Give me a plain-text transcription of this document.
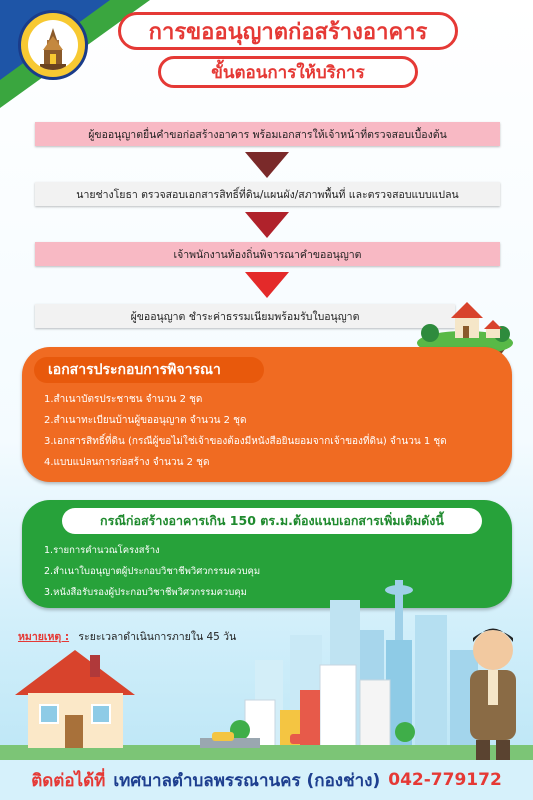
การขออนุญาตก่อสร้างอาคาร
ขั้นตอนการให้บริการ
ผู้ขออนุญาตยื่นคำขอก่อสร้างอาคาร พร้อมเอกสารให้เจ้าหน้าที่ตรวจสอบเบื้องต้น
นายช่างโยธา ตรวจสอบเอกสารสิทธิ์ที่ดิน/แผนผัง/สภาพพื้นที่ และตรวจสอบแบบแปลน
เจ้าพนักงานท้องถิ่นพิจารณาคำขออนุญาต
ผู้ขออนุญาต ชำระค่าธรรมเนียมพร้อมรับใบอนุญาต
เอกสารประกอบการพิจารณา
1.สำเนาบัตรประชาชน จำนวน 2 ชุด
2.สำเนาทะเบียนบ้านผู้ขออนุญาต จำนวน 2 ชุด
3.เอกสารสิทธิ์ที่ดิน (กรณีผู้ขอไม่ใช่เจ้าของต้องมีหนังสือยินยอมจากเจ้าของที่ดิน) จำนวน 1 ชุด
4.แบบแปลนการก่อสร้าง จำนวน 2 ชุด
กรณีก่อสร้างอาคารเกิน 150 ตร.ม.ต้องแนบเอกสารเพิ่มเติมดังนี้
1.รายการคำนวณโครงสร้าง
2.สำเนาใบอนุญาตผู้ประกอบวิชาชีพวิศวกรรมควบคุม
3.หนังสือรับรองผู้ประกอบวิชาชีพวิศวกรรมควบคุม
หมายเหตุ : ระยะเวลาดำเนินการภายใน 45 วัน
ติดต่อได้ที่ เทศบาลตำบลพรรณานคร (กองช่าง) 042-779172
